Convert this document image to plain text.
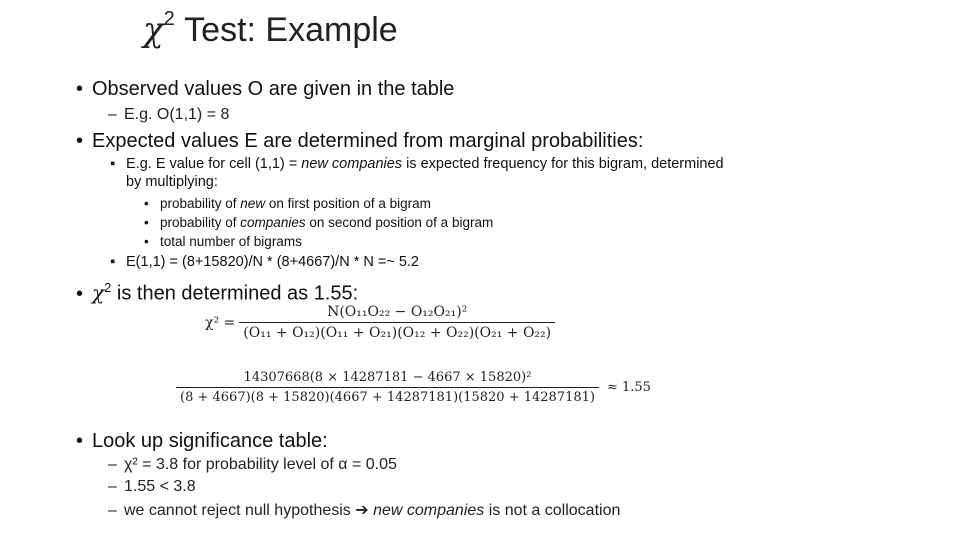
$\chi^2$ Test: Example
• Observed values O are given in the table
– E.g. O(1,1) = 8
• Expected values E are determined from marginal probabilities:
▪ E.g. E value for cell (1,1) = new companies is expected frequency for this bigram, determined
by multiplying:
• probability of new on first position of a bigram
• probability of companies on second position of a bigram
• total number of bigrams
▪ E(1,1) = (8+15820)/N * (8+4667)/N * N =~ 5.2
• $\chi^2$ is then determined as 1.55:
$\chi^2 = \frac{\text{N(O₁₁O₂₂ − O₁₂O₂₁)²}}{\text{(O₁₁ + O₁₂)(O₁₁ + O₂₁)(O₁₂ + O₂₂)(O₂₁ + O₂₂)}}$
$\frac{\text{14307668(8 × 14287181 − 4667 × 15820)²}}{(8 + 4667)(8 + 15820)(4667 + 14287181)(15820 + 14287181)} \approx 1.55$
• Look up significance table:
– χ² = 3.8 for probability level of α = 0.05
– 1.55 < 3.8
– we cannot reject null hypothesis ➔ new companies is not a collocation
